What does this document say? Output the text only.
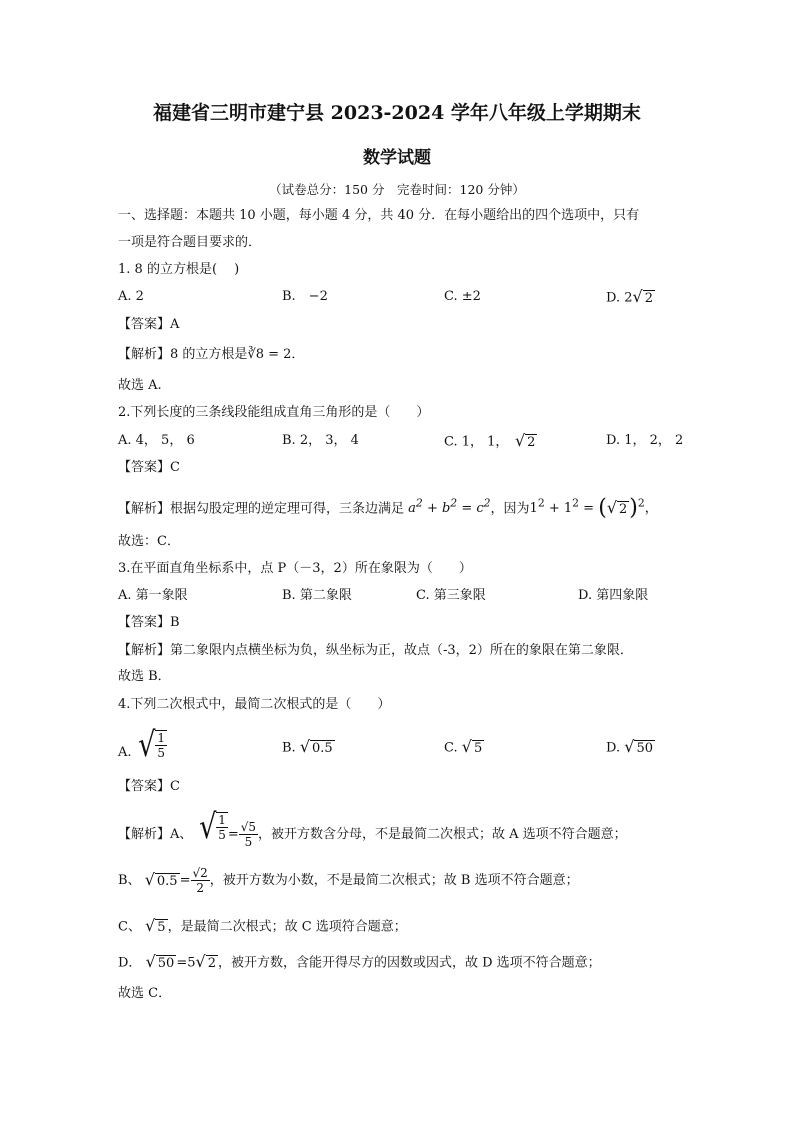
福建省三明市建宁县 2023-2024 学年八年级上学期期末
数学试题
（试卷总分：150 分　完卷时间：120 分钟）
一、选择题：本题共 10 小题，每小题 4 分，共 40 分．在每小题给出的四个选项中，只有
一项是符合题目要求的．
1. 8 的立方根是(　 )
A. 2	B.　−2	C. ±2	D. 2√ 2
【答案】A
【解析】8 的立方根是∛8 = 2．
故选 A.
2.下列长度的三条线段能组成直角三角形的是（　　）
A. 4， 5， 6	B. 2， 3， 4	C. 1， 1，　√ 2	D. 1， 2， 2
【答案】C
【解析】根据勾股定理的逆定理可得，三条边满足 $a^2 + b^2 = c^2$，因为$1^2 + 1^2$ = (√ 2)$^2$，
故选：C．
3.在平面直角坐标系中，点 P（－3，2）所在象限为（　　）
A. 第一象限	B. 第二象限	C. 第三象限	D. 第四象限
【答案】B
【解析】第二象限内点横坐标为负，纵坐标为正，故点（-3，2）所在的象限在第二象限．
故选 B．
4.下列二次根式中，最简二次根式的是（　　）
A. √ $\frac{1}{5}$	B. √ 0.5	C. √ 5	D. √ 50
【答案】C
【解析】A、 √ $\frac{1}{5} = \frac{√5}{5}$ ，被开方数含分母，不是最简二次根式；故 A 选项不符合题意；
B、 √ $0.5 = \frac{√2}{2}$ ，被开方数为小数，不是最简二次根式；故 B 选项不符合题意；
C、 √ 5 ，是最简二次根式；故 C 选项符合题意；
D． √ 50 =5√ 2 ，被开方数，含能开得尽方的因数或因式，故 D 选项不符合题意；
故选 C．
